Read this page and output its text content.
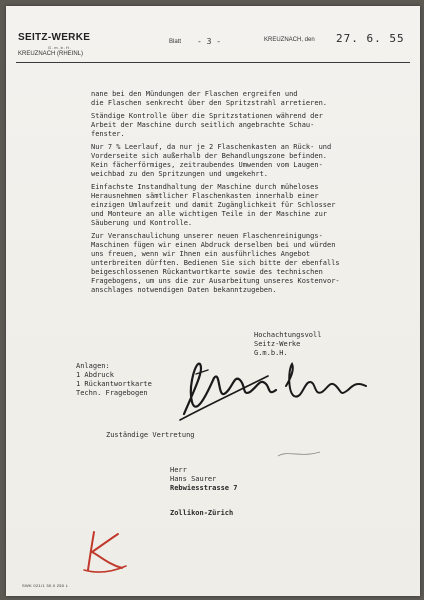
SEITZ-WERKE
G.m.b.H.
KREUZNACH (RHEINL)
Blatt - 3 -	KREUZNACH, den 27. 6. 55

nane bei den Mündungen der Flaschen ergreifen und
die Flaschen senkrecht über den Spritzstrahl arretieren.

Ständige Kontrolle über die Spritzstationen während der
Arbeit der Maschine durch seitlich angebrachte Schau-
fenster.

Nur 7 % Leerlauf, da nur je 2 Flaschenkasten an Rück- und
Vorderseite sich außerhalb der Behandlungszone befinden.
Kein fächerförmiges, zeitraubendes Umwenden vom Laugen-
weichbad zu den Spritzungen und umgekehrt.

Einfachste Instandhaltung der Maschine durch müheloses
Herausnehmen sämtlicher Flaschenkasten innerhalb einer
einzigen Umlaufzeit und damit Zugänglichkeit für Schlosser
und Monteure an alle wichtigen Teile in der Maschine zur
Säuberung und Kontrolle.

Zur Veranschaulichung unserer neuen Flaschenreinigungs-
Maschinen fügen wir einen Abdruck derselben bei und würden
uns freuen, wenn wir Ihnen ein ausführliches Angebot
unterbreiten dürften. Bedienen Sie sich bitte der ebenfalls
beigeschlossenen Rückantwortkarte sowie des technischen
Fragebogens, um uns die zur Ausarbeitung unseres Kostenvor-
anschlages notwendigen Daten bekanntzugeben.

Hochachtungsvoll
Seitz-Werke
G.m.b.H.
Anlagen:
1 Abdruck
1 Rückantwortkarte
Techn. Fragebogen
Zuständige Vertretung
Herr
Hans Saurer
Rebwiesstrasse 7
Zollikon-Zürich
SWK 021/1 30.0 250 L
